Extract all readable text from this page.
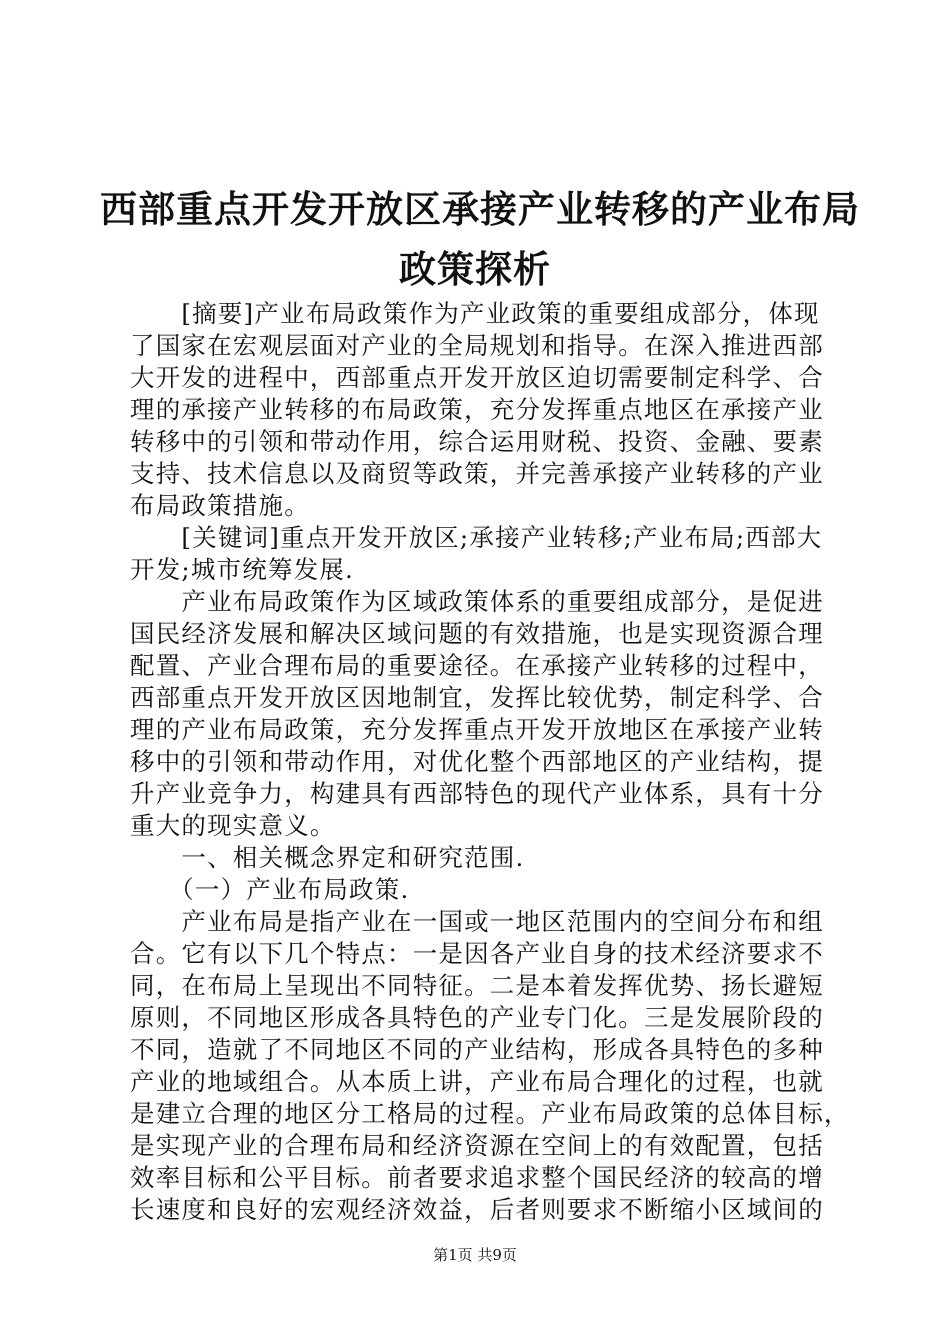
西部重点开发开放区承接产业转移的产业布局
政策探析
　　[摘要]产业布局政策作为产业政策的重要组成部分，体现
了国家在宏观层面对产业的全局规划和指导。在深入推进西部
大开发的进程中，西部重点开发开放区迫切需要制定科学、合
理的承接产业转移的布局政策，充分发挥重点地区在承接产业
转移中的引领和带动作用，综合运用财税、投资、金融、要素
支持、技术信息以及商贸等政策，并完善承接产业转移的产业
布局政策措施。
　　[关键词]重点开发开放区;承接产业转移;产业布局;西部大
开发;城市统筹发展.
　　产业布局政策作为区域政策体系的重要组成部分，是促进
国民经济发展和解决区域问题的有效措施，也是实现资源合理
配置、产业合理布局的重要途径。在承接产业转移的过程中，
西部重点开发开放区因地制宜，发挥比较优势，制定科学、合
理的产业布局政策，充分发挥重点开发开放地区在承接产业转
移中的引领和带动作用，对优化整个西部地区的产业结构，提
升产业竞争力，构建具有西部特色的现代产业体系，具有十分
重大的现实意义。
　　一、相关概念界定和研究范围.
　　（一）产业布局政策.
　　产业布局是指产业在一国或一地区范围内的空间分布和组
合。它有以下几个特点：一是因各产业自身的技术经济要求不
同，在布局上呈现出不同特征。二是本着发挥优势、扬长避短
原则，不同地区形成各具特色的产业专门化。三是发展阶段的
不同，造就了不同地区不同的产业结构，形成各具特色的多种
产业的地域组合。从本质上讲，产业布局合理化的过程，也就
是建立合理的地区分工格局的过程。产业布局政策的总体目标，
是实现产业的合理布局和经济资源在空间上的有效配置，包括
效率目标和公平目标。前者要求追求整个国民经济的较高的增
长速度和良好的宏观经济效益，后者则要求不断缩小区域间的
第1页 共9页
